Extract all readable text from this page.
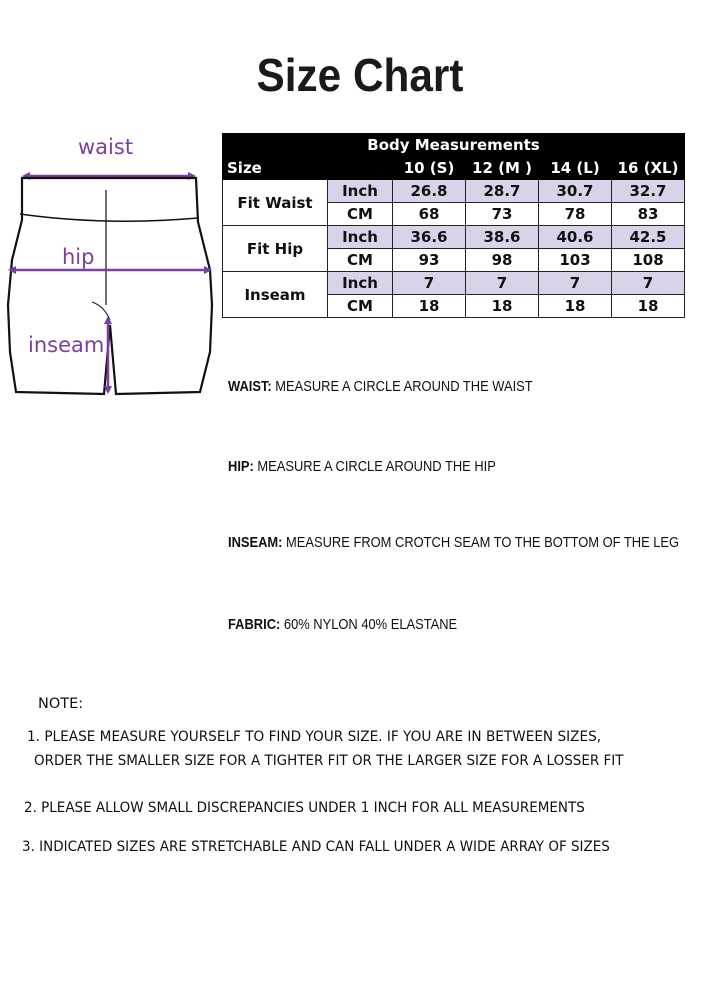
Size Chart
waist
hip
inseam
Body Measurements					
Size		10 (S)	12 (M )	14 (L)	16 (XL)
Fit Waist	Inch	26.8	28.7	30.7	32.7
	CM	68	73	78	83
Fit Hip	Inch	36.6	38.6	40.6	42.5
	CM	93	98	103	108
Inseam	Inch	7	7	7	7
	CM	18	18	18	18
WAIST: MEASURE A CIRCLE AROUND THE WAIST
HIP: MEASURE A CIRCLE AROUND THE HIP
INSEAM: MEASURE FROM CROTCH SEAM TO THE BOTTOM OF THE LEG
FABRIC: 60% NYLON 40% ELASTANE
NOTE:
1. PLEASE MEASURE YOURSELF TO FIND YOUR SIZE. IF YOU ARE IN BETWEEN SIZES,
ORDER THE SMALLER SIZE FOR A TIGHTER FIT OR THE LARGER SIZE FOR A LOSSER FIT
2. PLEASE ALLOW SMALL DISCREPANCIES UNDER 1 INCH FOR ALL MEASUREMENTS
3. INDICATED SIZES ARE STRETCHABLE AND CAN FALL UNDER A WIDE ARRAY OF SIZES
